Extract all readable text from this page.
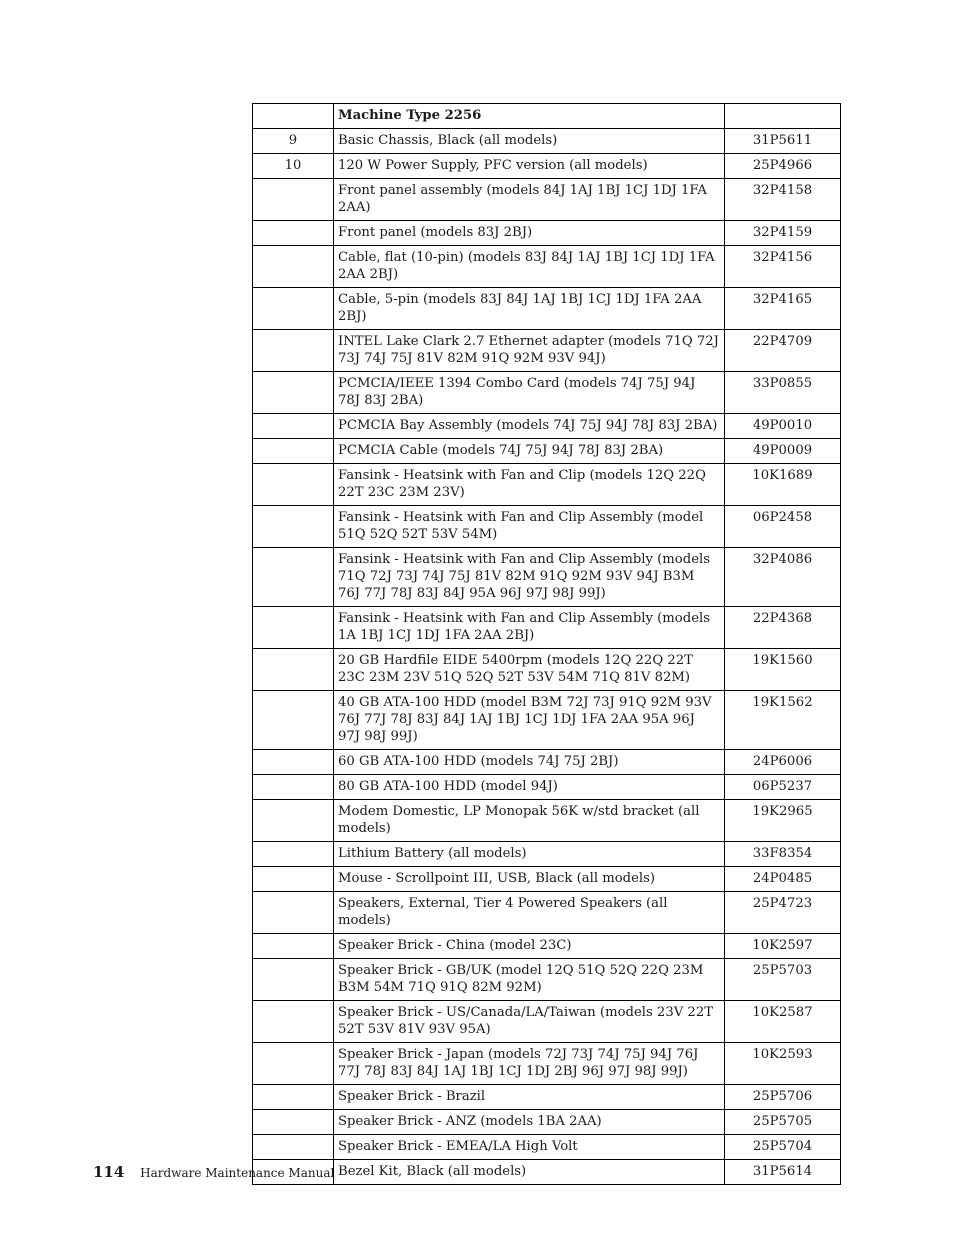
	Machine Type 2256	
9	Basic Chassis, Black (all models)	31P5611
10	120 W Power Supply, PFC version (all models)	25P4966
	Front panel assembly (models 84J 1AJ 1BJ 1CJ 1DJ 1FA 2AA)	32P4158
	Front panel (models 83J 2BJ)	32P4159
	Cable, flat (10-pin) (models 83J 84J 1AJ 1BJ 1CJ 1DJ 1FA 2AA 2BJ)	32P4156
	Cable, 5-pin (models 83J 84J 1AJ 1BJ 1CJ 1DJ 1FA 2AA 2BJ)	32P4165
	INTEL Lake Clark 2.7 Ethernet adapter (models 71Q 72J 73J 74J 75J 81V 82M 91Q 92M 93V 94J)	22P4709
	PCMCIA/IEEE 1394 Combo Card (models 74J 75J 94J 78J 83J 2BA)	33P0855
	PCMCIA Bay Assembly (models 74J 75J 94J 78J 83J 2BA)	49P0010
	PCMCIA Cable (models 74J 75J 94J 78J 83J 2BA)	49P0009
	Fansink - Heatsink with Fan and Clip (models 12Q 22Q 22T 23C 23M 23V)	10K1689
	Fansink - Heatsink with Fan and Clip Assembly (model 51Q 52Q 52T 53V 54M)	06P2458
	Fansink - Heatsink with Fan and Clip Assembly (models 71Q 72J 73J 74J 75J 81V 82M 91Q 92M 93V 94J B3M 76J 77J 78J 83J 84J 95A 96J 97J 98J 99J)	32P4086
	Fansink - Heatsink with Fan and Clip Assembly (models 1A 1BJ 1CJ 1DJ 1FA 2AA 2BJ)	22P4368
	20 GB Hardfile EIDE 5400rpm (models 12Q 22Q 22T 23C 23M 23V 51Q 52Q 52T 53V 54M 71Q 81V 82M)	19K1560
	40 GB ATA-100 HDD (model B3M 72J 73J 91Q 92M 93V 76J 77J 78J 83J 84J 1AJ 1BJ 1CJ 1DJ 1FA 2AA 95A 96J 97J 98J 99J)	19K1562
	60 GB ATA-100 HDD (models 74J 75J 2BJ)	24P6006
	80 GB ATA-100 HDD (model 94J)	06P5237
	Modem Domestic, LP Monopak 56K w/std bracket (all models)	19K2965
	Lithium Battery (all models)	33F8354
	Mouse - Scrollpoint III, USB, Black (all models)	24P0485
	Speakers, External, Tier 4 Powered Speakers (all models)	25P4723
	Speaker Brick - China (model 23C)	10K2597
	Speaker Brick - GB/UK (model 12Q 51Q 52Q 22Q 23M B3M 54M 71Q 91Q 82M 92M)	25P5703
	Speaker Brick - US/Canada/LA/Taiwan (models 23V 22T 52T 53V 81V 93V 95A)	10K2587
	Speaker Brick - Japan (models 72J 73J 74J 75J 94J 76J 77J 78J 83J 84J 1AJ 1BJ 1CJ 1DJ 2BJ 96J 97J 98J 99J)	10K2593
	Speaker Brick - Brazil	25P5706
	Speaker Brick - ANZ (models 1BA 2AA)	25P5705
	Speaker Brick - EMEA/LA High Volt	25P5704
	Bezel Kit, Black (all models)	31P5614
114 Hardware Maintenance Manual
